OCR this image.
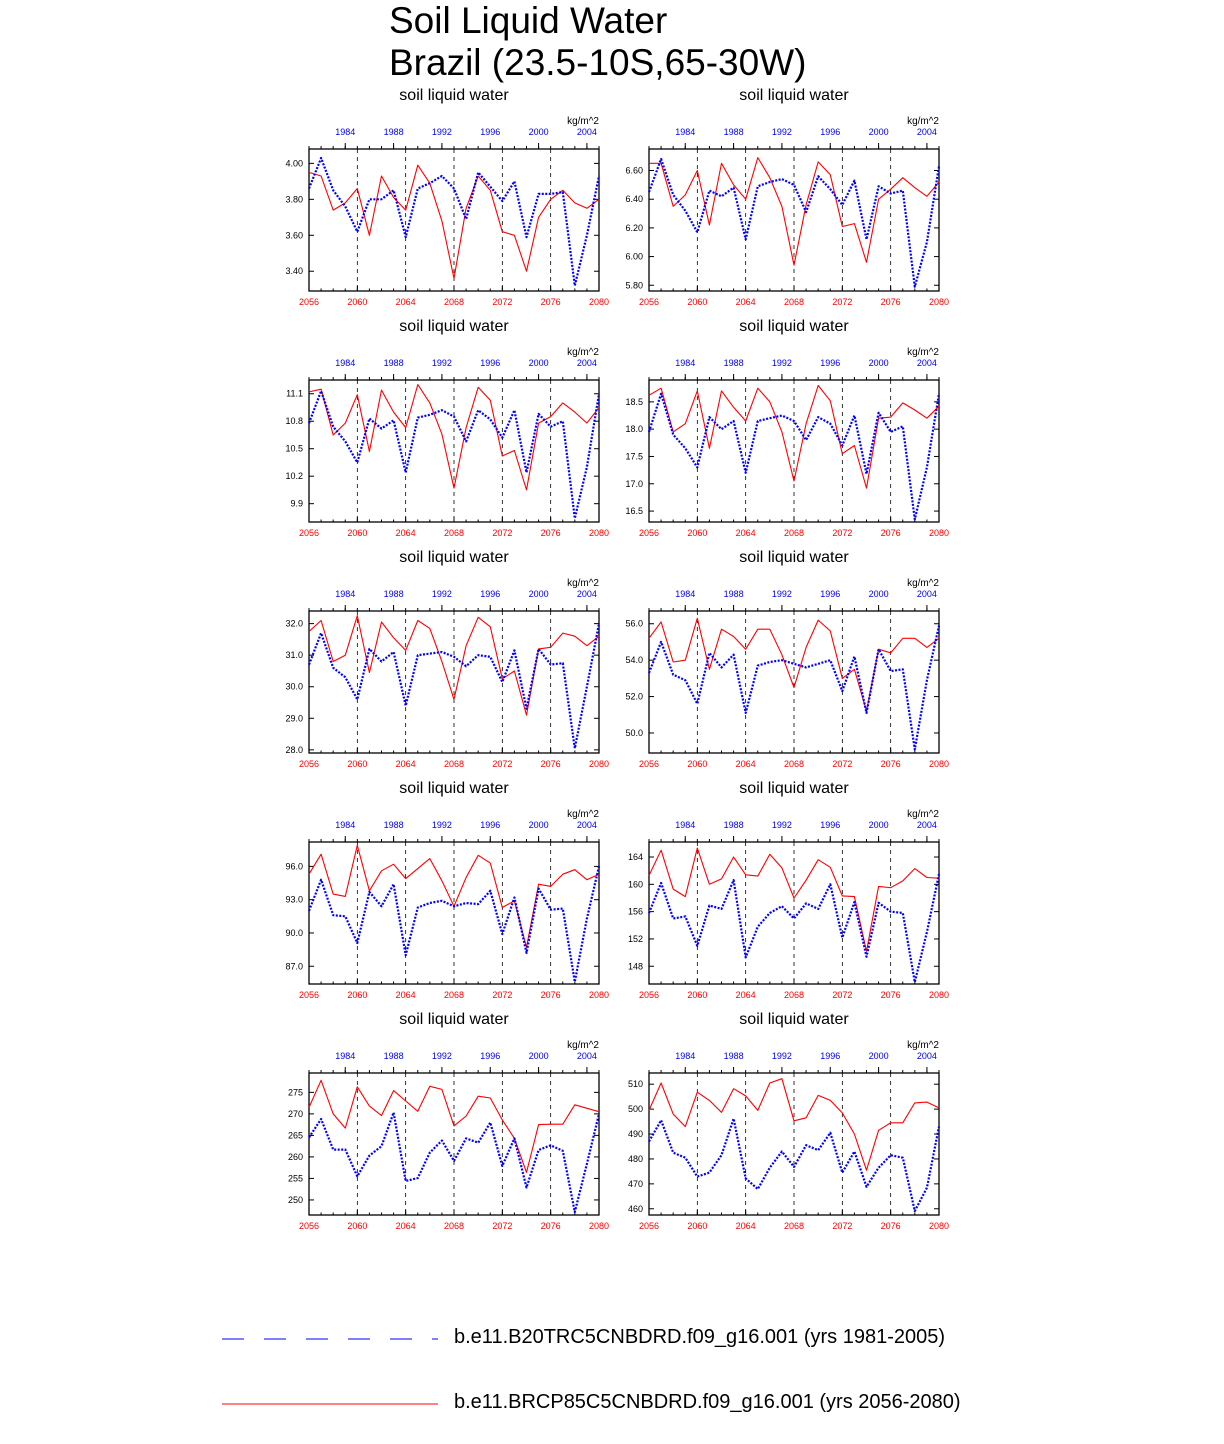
Soil Liquid Water
Brazil (23.5-10S,65-30W)
soil liquid water
kg/m^2
2056	2060	2064	2068	2072	2076	2080
1984	1988	1992	1996	2000	2004
3.40
3.60
3.80
4.00
soil liquid water
kg/m^2
2056	2060	2064	2068	2072	2076	2080
1984	1988	1992	1996	2000	2004
5.80
6.00
6.20
6.40
6.60
soil liquid water
kg/m^2
2056	2060	2064	2068	2072	2076	2080
1984	1988	1992	1996	2000	2004
9.9
10.2
10.5
10.8
11.1
soil liquid water
kg/m^2
2056	2060	2064	2068	2072	2076	2080
1984	1988	1992	1996	2000	2004
16.5
17.0
17.5
18.0
18.5
soil liquid water
kg/m^2
2056	2060	2064	2068	2072	2076	2080
1984	1988	1992	1996	2000	2004
28.0
29.0
30.0
31.0
32.0
soil liquid water
kg/m^2
2056	2060	2064	2068	2072	2076	2080
1984	1988	1992	1996	2000	2004
50.0
52.0
54.0
56.0
soil liquid water
kg/m^2
2056	2060	2064	2068	2072	2076	2080
1984	1988	1992	1996	2000	2004
87.0
90.0
93.0
96.0
soil liquid water
kg/m^2
2056	2060	2064	2068	2072	2076	2080
1984	1988	1992	1996	2000	2004
148
152
156
160
164
soil liquid water
kg/m^2
2056	2060	2064	2068	2072	2076	2080
1984	1988	1992	1996	2000	2004
250
255
260
265
270
275
soil liquid water
kg/m^2
2056	2060	2064	2068	2072	2076	2080
1984	1988	1992	1996	2000	2004
460
470
480
490
500
510
b.e11.B20TRC5CNBDRD.f09_g16.001 (yrs 1981-2005)
b.e11.BRCP85C5CNBDRD.f09_g16.001 (yrs 2056-2080)
